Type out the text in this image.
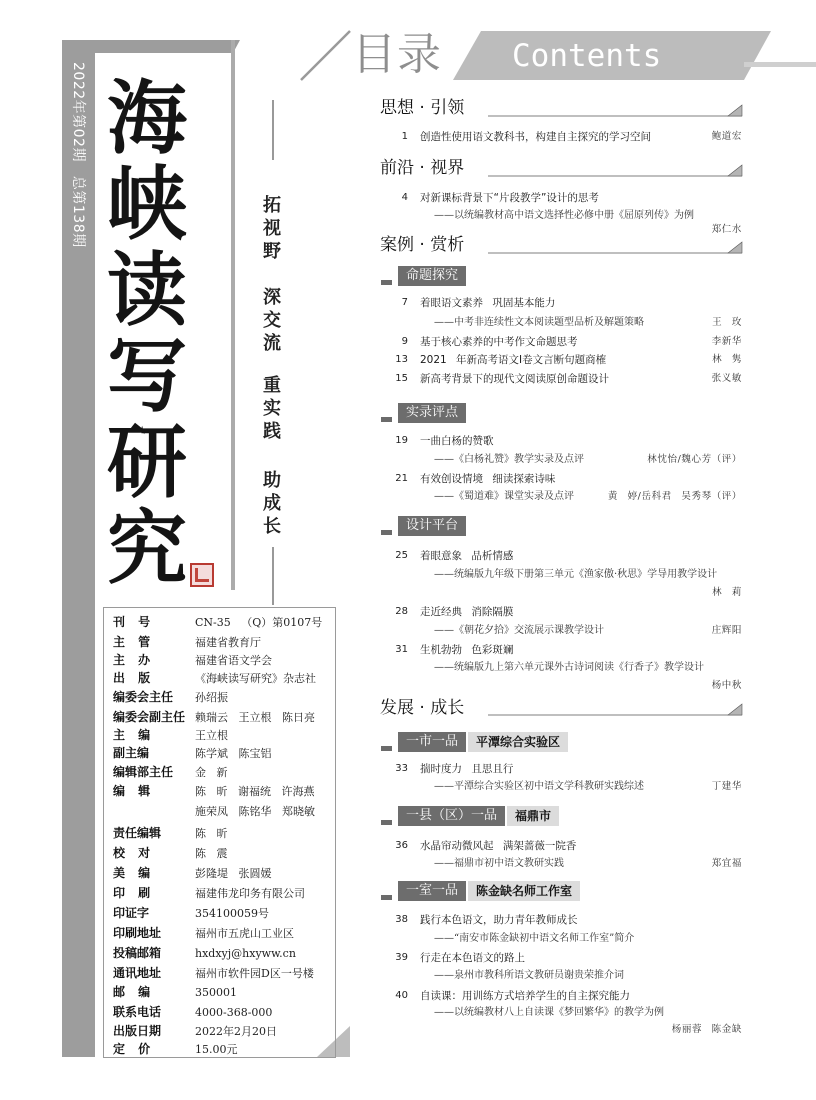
2022年第02期 总第138期 海峡读写研究
拓视野
深交流
重实践
助成长
刊 号	CN-35 （Q）第0107号
主 管	福建省教育厅
主 办	福建省语文学会
出 版	《海峡读写研究》杂志社
编委会主任 孙绍振
编委会副主任 赖瑞云 王立根 陈日亮
主 编	王立根
副主编	陈学斌 陈宝铝
编辑部主任 金 新
编 辑	陈 昕 谢福统 许海燕
施荣凤 陈铭华 郑晓敏
责任编辑	陈 昕
校 对	陈 震
美 编	彭隆堤 张圆媛
印 刷	福建伟龙印务有限公司
印证字	354100059号
印刷地址	福州市五虎山工业区
投稿邮箱	hxdxyj@hxyww.cn
通讯地址	福州市软件园D区一号楼
邮 编	350001
联系电话	4000-368-000
出版日期	2022年2月20日
定 价	15.00元
目录 Contents
思想 · 引领
1 创造性使用语文教科书，构建自主探究的学习空间	鲍道宏
前沿 · 视界
4 对新课标背景下“片段教学”设计的思考
——以统编教材高中语文选择性必修中册《屈原列传》为例
郑仁水
案例 · 赏析
命题探究
7 着眼语文素养 巩固基本能力
——中考非连续性文本阅读题型品析及解题策略	王 玫
9 基于核心素养的中考作文命题思考	李新华
13 2021 年新高考语文Ⅰ卷文言断句题商榷	林 隽
15 新高考背景下的现代文阅读原创命题设计	张义敏
实录评点
19 一曲白杨的赞歌
——《白杨礼赞》教学实录及点评	林忱怡/魏心芳（评）
21 有效创设情境 细读探索诗味
——《蜀道难》课堂实录及点评	黄 婷/岳科君 吴秀琴（评）
设计平台
25 着眼意象 品析情感
——统编版九年级下册第三单元《渔家傲·秋思》学导用教学设计
林 莉
28 走近经典 消除隔膜
——《朝花夕拾》交流展示课教学设计	庄辉阳
31 生机勃勃 色彩斑斓
——统编版九上第六单元课外古诗词阅读《行香子》教学设计
杨中秋
发展 · 成长
一市一品	平潭综合实验区
33 揣时度力 且思且行
——平潭综合实验区初中语文学科教研实践综述	丁建华
一县（区）一品	福鼎市
36 水晶帘动微风起 满架蔷薇一院香
——福鼎市初中语文教研实践	郑宜福
一室一品	陈金缺名师工作室
38 践行本色语文，助力青年教师成长
——“南安市陈金缺初中语文名师工作室”简介
39 行走在本色语文的路上
——泉州市教科所语文教研员谢贵荣推介词
40 自读课：用训练方式培养学生的自主探究能力
——以统编教材八上自读课《梦回繁华》的教学为例
杨丽蓉 陈金缺
